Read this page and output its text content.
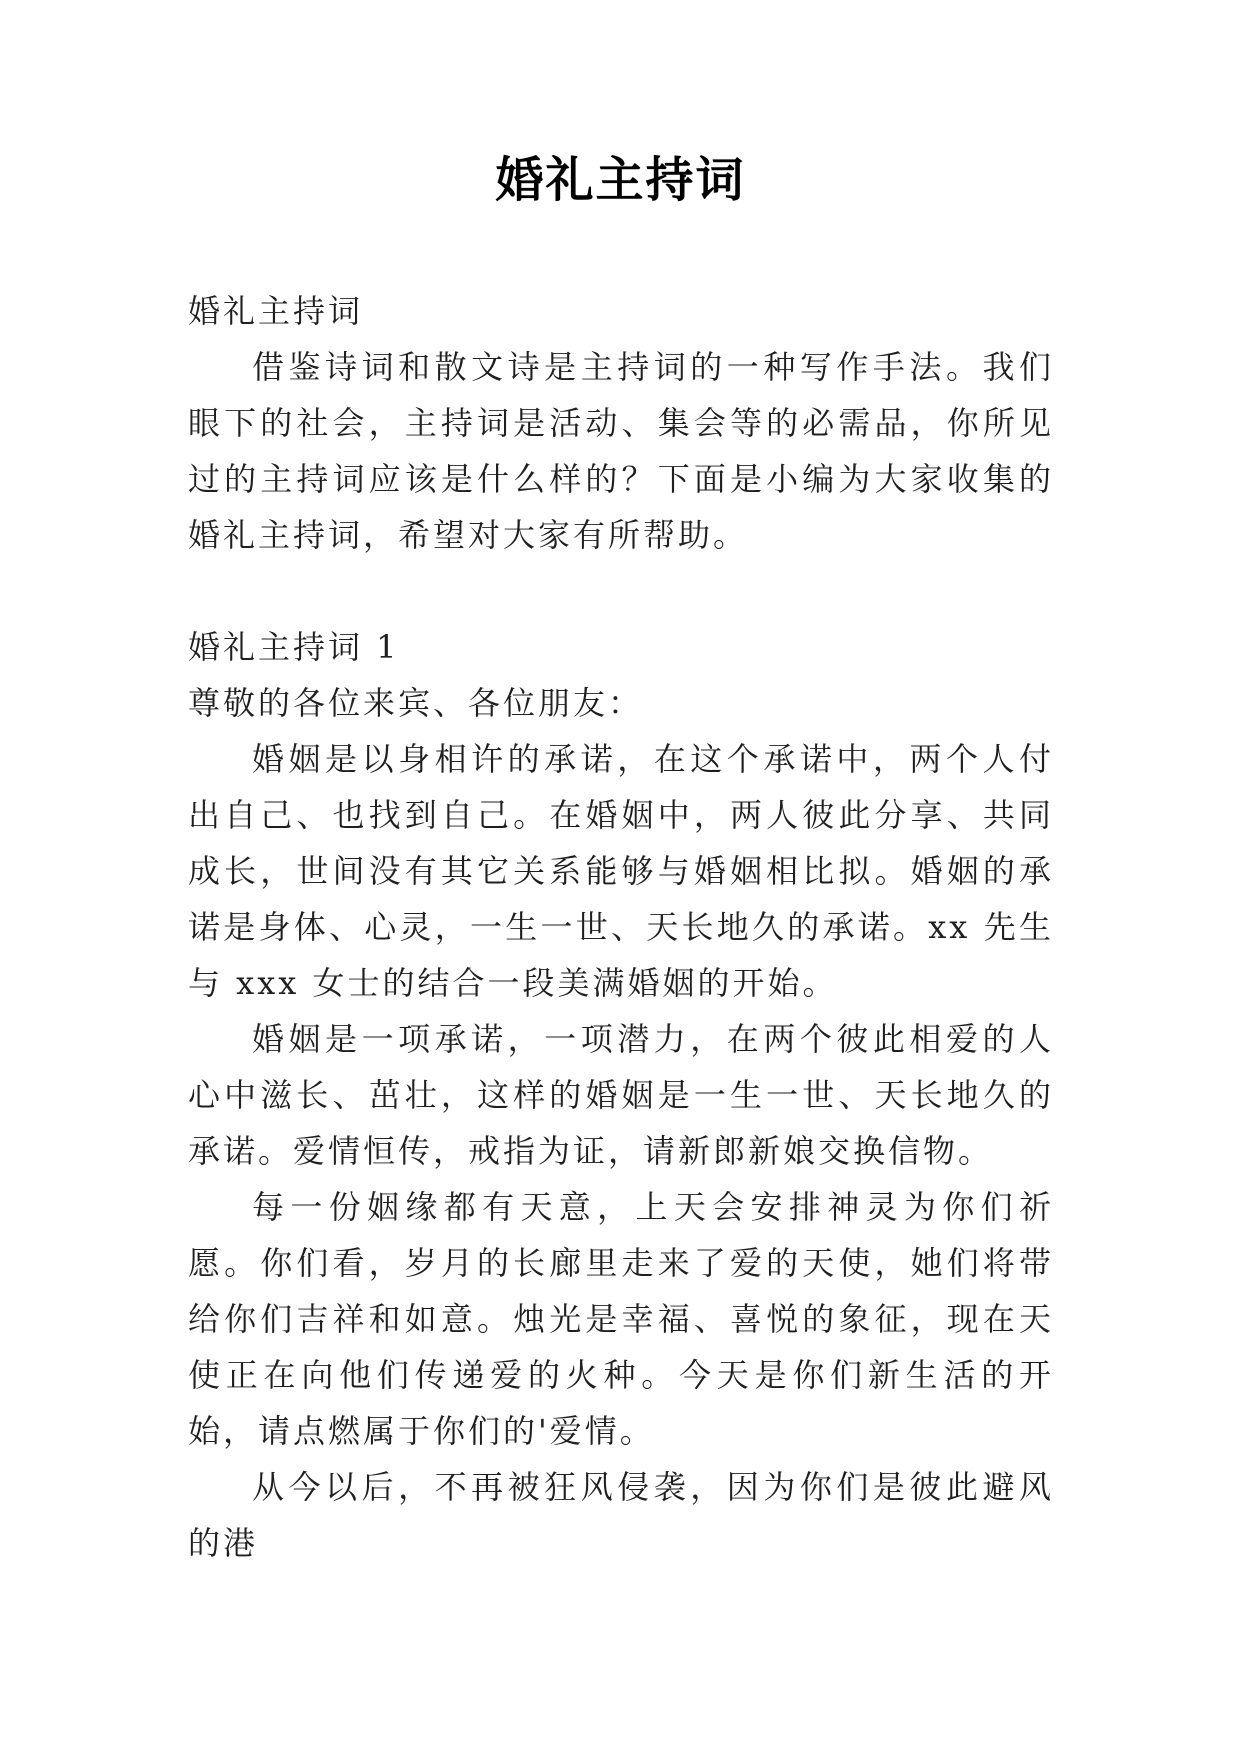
婚礼主持词

婚礼主持词

借鉴诗词和散文诗是主持词的一种写作手法。我们眼下的社会，主持词是活动、集会等的必需品，你所见过的主持词应该是什么样的？下面是小编为大家收集的婚礼主持词，希望对大家有所帮助。

婚礼主持词 1

尊敬的各位来宾、各位朋友：

婚姻是以身相许的承诺，在这个承诺中，两个人付出自己、也找到自己。在婚姻中，两人彼此分享、共同成长，世间没有其它关系能够与婚姻相比拟。婚姻的承诺是身体、心灵，一生一世、天长地久的承诺。xx 先生与 xxx 女士的结合一段美满婚姻的开始。

婚姻是一项承诺，一项潜力，在两个彼此相爱的人心中滋长、茁壮，这样的婚姻是一生一世、天长地久的承诺。爱情恒传，戒指为证，请新郎新娘交换信物。

每一份姻缘都有天意，上天会安排神灵为你们祈愿。你们看，岁月的长廊里走来了爱的天使，她们将带给你们吉祥和如意。烛光是幸福、喜悦的象征，现在天使正在向他们传递爱的火种。今天是你们新生活的开始，请点燃属于你们的'爱情。

从今以后，不再被狂风侵袭，因为你们是彼此避风的港
